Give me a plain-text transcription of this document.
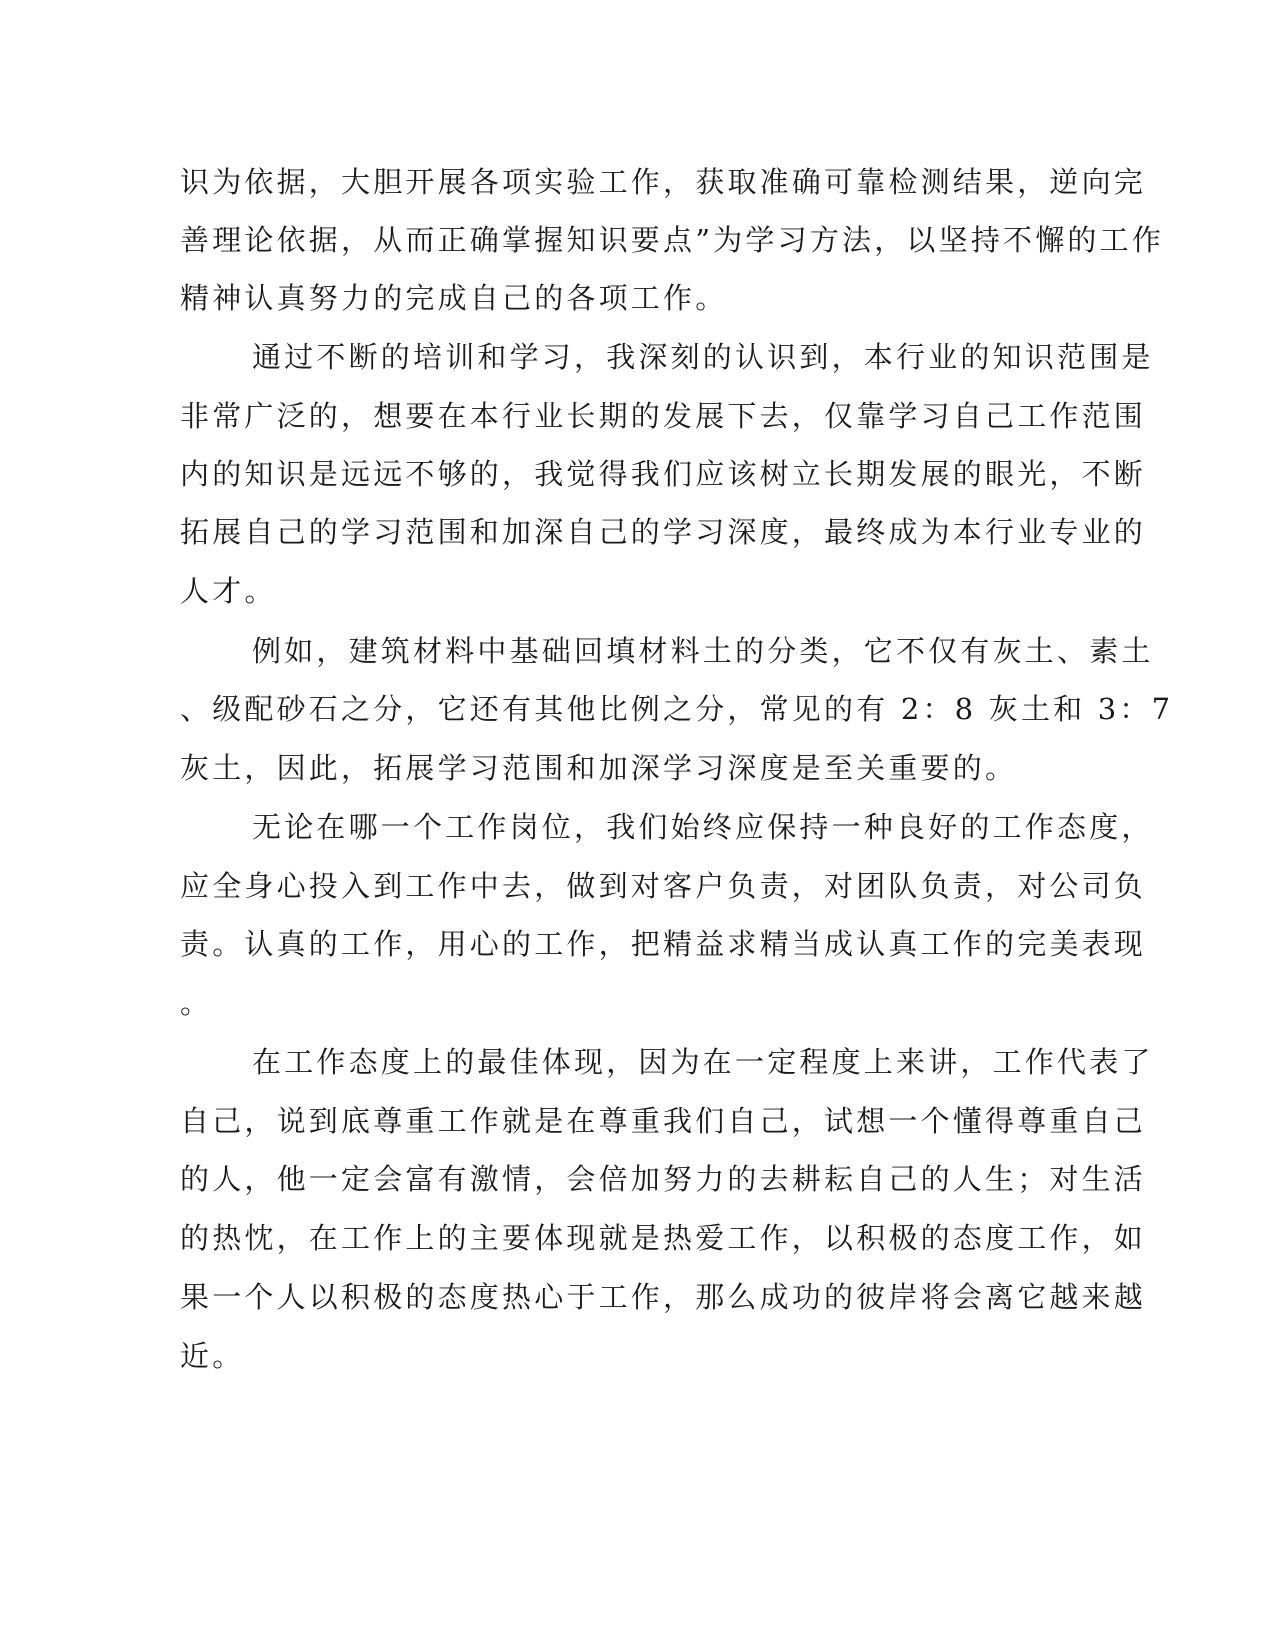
识为依据，大胆开展各项实验工作，获取准确可靠检测结果，逆向完
善理论依据，从而正确掌握知识要点”为学习方法，以坚持不懈的工作
精神认真努力的完成自己的各项工作。
通过不断的培训和学习，我深刻的认识到，本行业的知识范围是
非常广泛的，想要在本行业长期的发展下去，仅靠学习自己工作范围
内的知识是远远不够的，我觉得我们应该树立长期发展的眼光，不断
拓展自己的学习范围和加深自己的学习深度，最终成为本行业专业的
人才。
例如，建筑材料中基础回填材料土的分类，它不仅有灰土、素土
、级配砂石之分，它还有其他比例之分，常见的有 2：8 灰土和 3：7
灰土，因此，拓展学习范围和加深学习深度是至关重要的。
无论在哪一个工作岗位，我们始终应保持一种良好的工作态度，
应全身心投入到工作中去，做到对客户负责，对团队负责，对公司负
责。认真的工作，用心的工作，把精益求精当成认真工作的完美表现
。
在工作态度上的最佳体现，因为在一定程度上来讲，工作代表了
自己，说到底尊重工作就是在尊重我们自己，试想一个懂得尊重自己
的人，他一定会富有激情，会倍加努力的去耕耘自己的人生；对生活
的热忱，在工作上的主要体现就是热爱工作，以积极的态度工作，如
果一个人以积极的态度热心于工作，那么成功的彼岸将会离它越来越
近。
